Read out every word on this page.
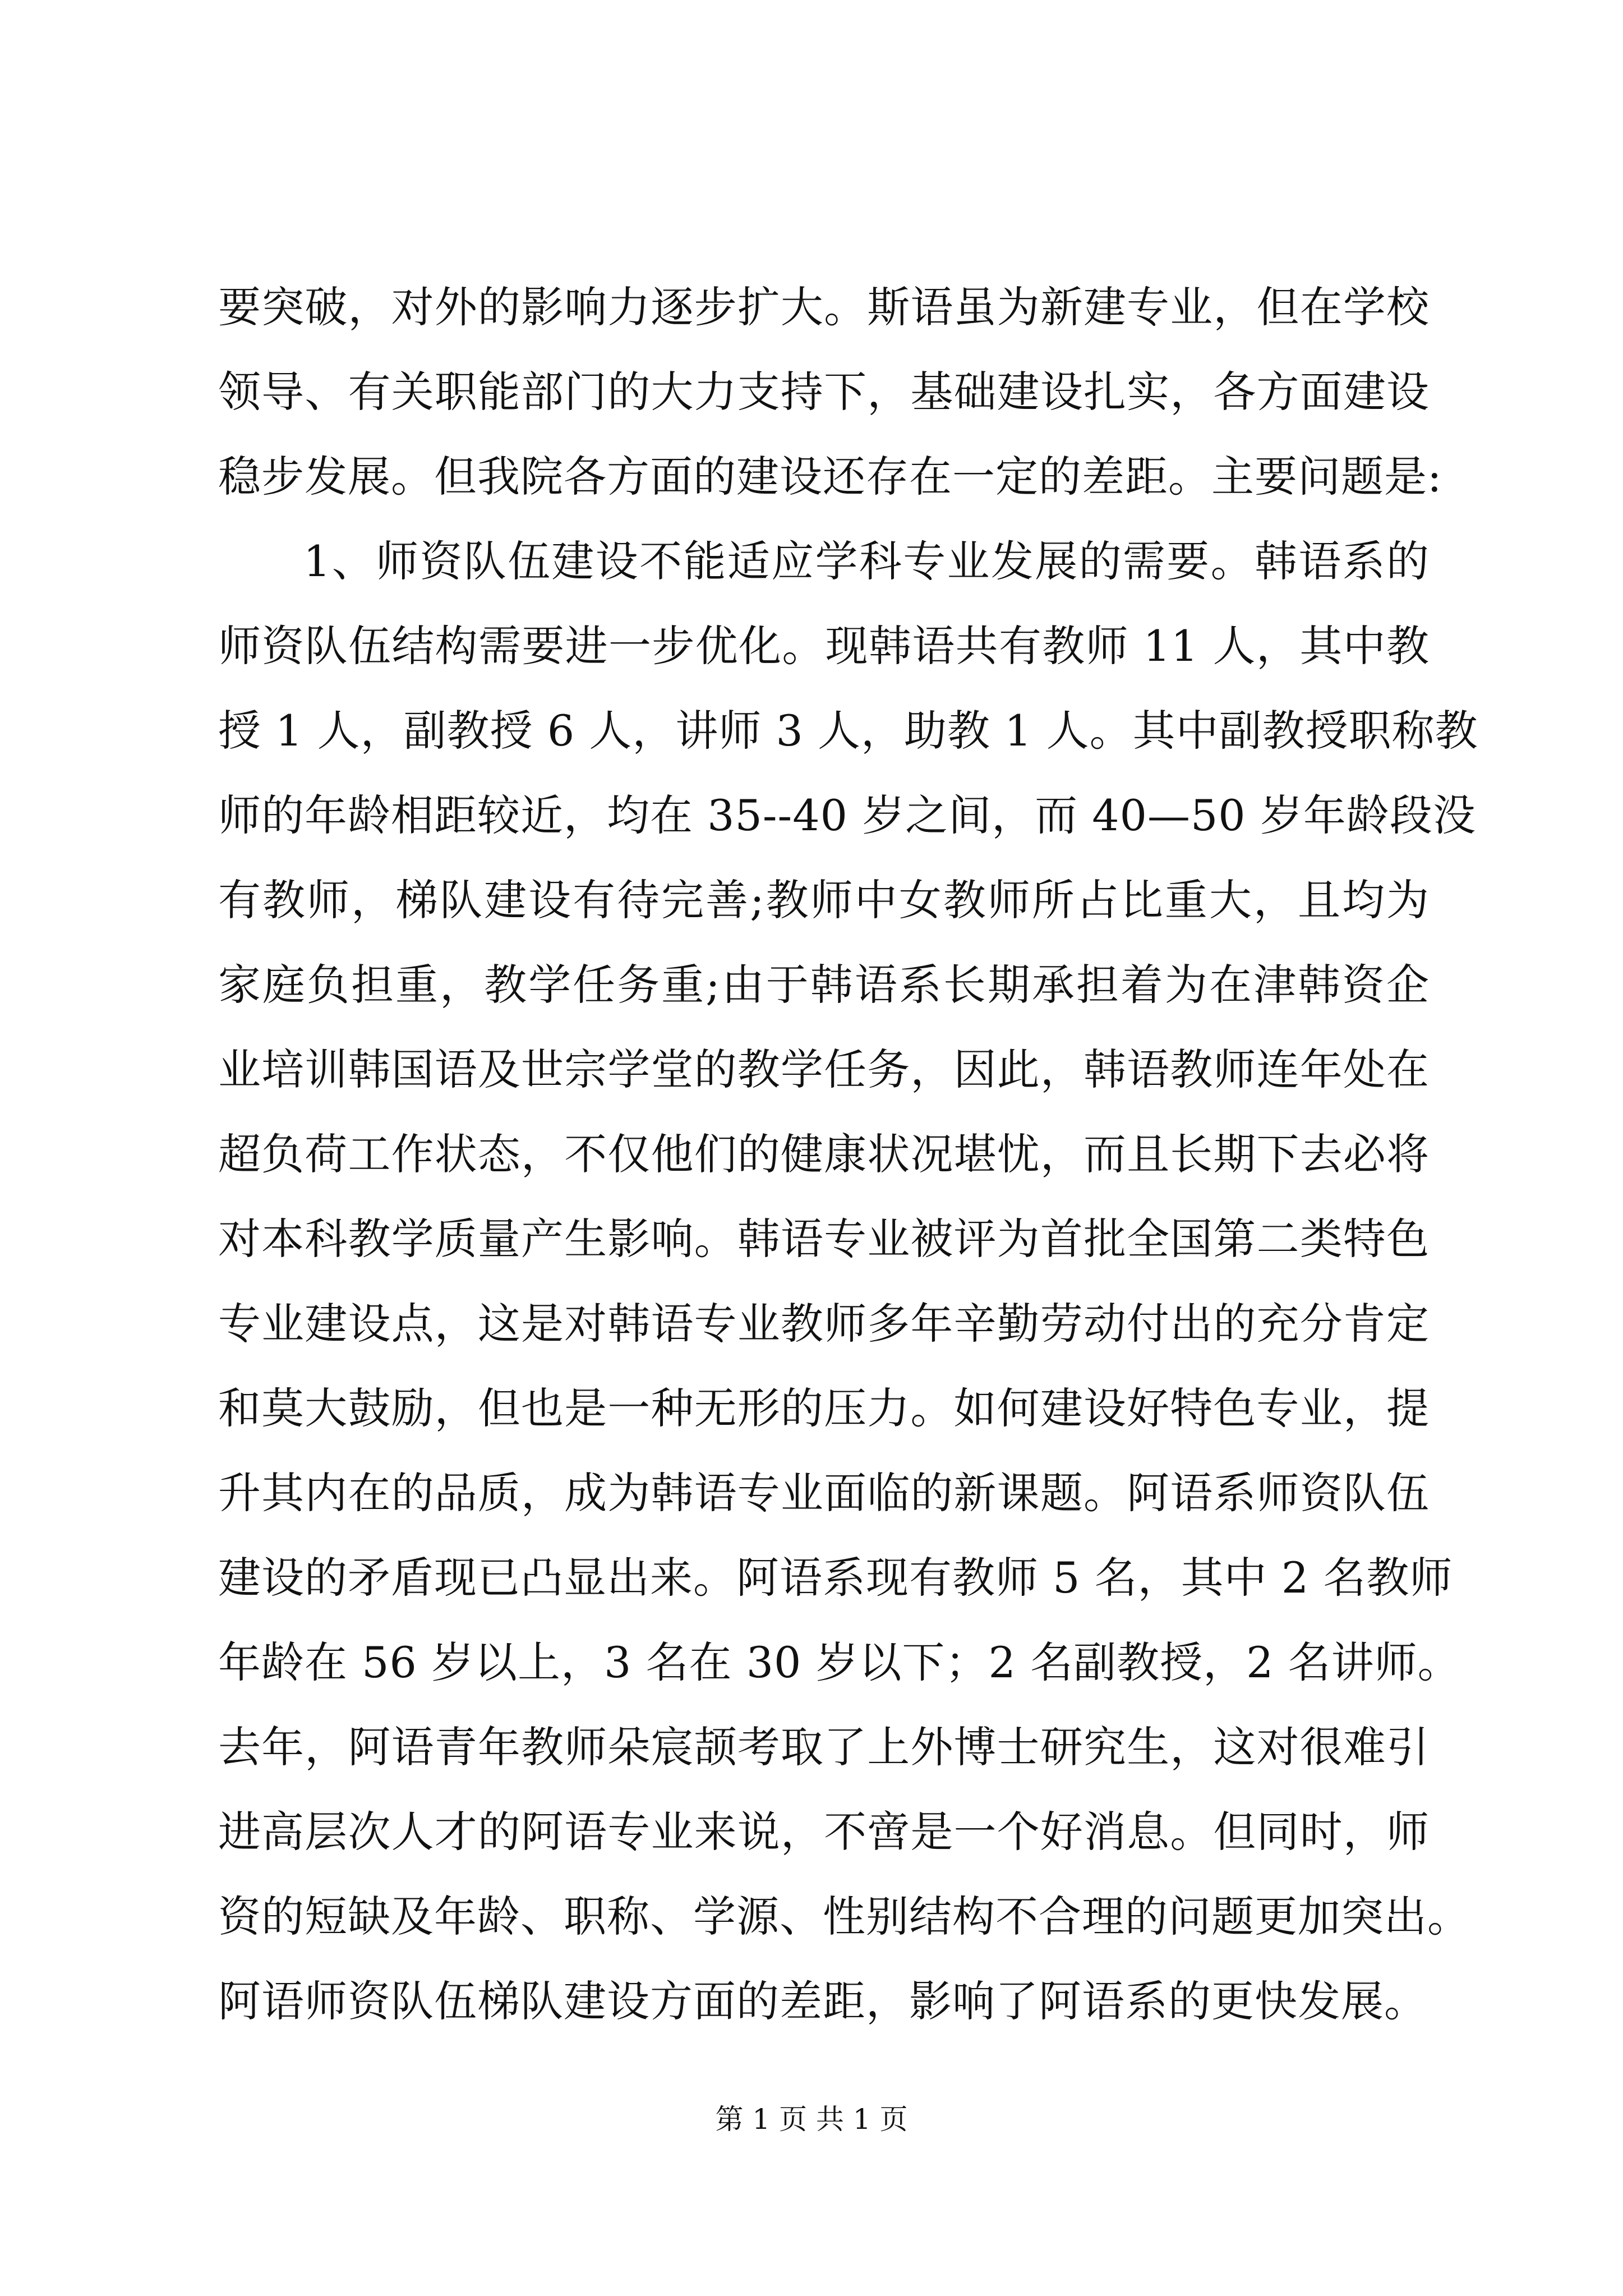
要突破，对外的影响力逐步扩大。斯语虽为新建专业，但在学校
领导、有关职能部门的大力支持下，基础建设扎实，各方面建设
稳步发展。但我院各方面的建设还存在一定的差距。主要问题是:
1、师资队伍建设不能适应学科专业发展的需要。韩语系的
师资队伍结构需要进一步优化。现韩语共有教师 11 人，其中教
授 1 人，副教授 6 人，讲师 3 人，助教 1 人。其中副教授职称教
师的年龄相距较近，均在 35--40 岁之间，而 40—50 岁年龄段没
有教师，梯队建设有待完善;教师中女教师所占比重大，且均为
家庭负担重，教学任务重;由于韩语系长期承担着为在津韩资企
业培训韩国语及世宗学堂的教学任务，因此，韩语教师连年处在
超负荷工作状态，不仅他们的健康状况堪忧，而且长期下去必将
对本科教学质量产生影响。韩语专业被评为首批全国第二类特色
专业建设点，这是对韩语专业教师多年辛勤劳动付出的充分肯定
和莫大鼓励，但也是一种无形的压力。如何建设好特色专业，提
升其内在的品质，成为韩语专业面临的新课题。阿语系师资队伍
建设的矛盾现已凸显出来。阿语系现有教师 5 名，其中 2 名教师
年龄在 56 岁以上，3 名在 30 岁以下；2 名副教授，2 名讲师。
去年，阿语青年教师朵宸颉考取了上外博士研究生，这对很难引
进高层次人才的阿语专业来说，不啻是一个好消息。但同时，师
资的短缺及年龄、职称、学源、性别结构不合理的问题更加突出。
阿语师资队伍梯队建设方面的差距，影响了阿语系的更快发展。
第 1 页 共 1 页
